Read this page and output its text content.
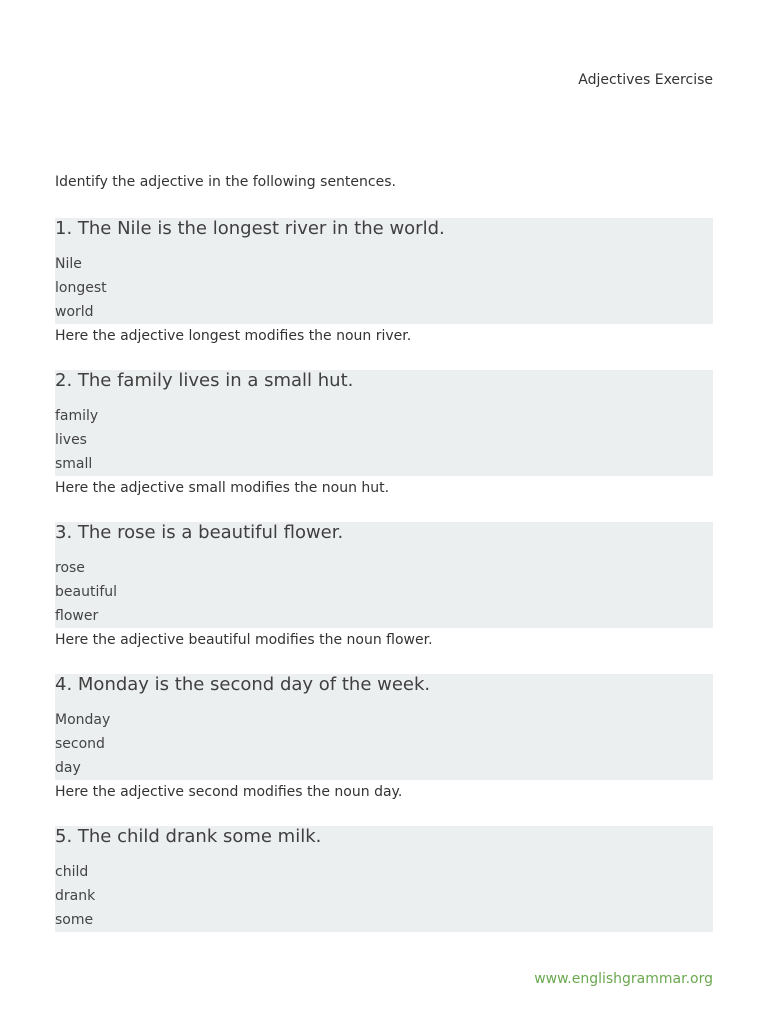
Adjectives Exercise
Identify the adjective in the following sentences.
1. The Nile is the longest river in the world.
Nile
longest
world
Here the adjective longest modifies the noun river.
2. The family lives in a small hut.
family
lives
small
Here the adjective small modifies the noun hut.
3. The rose is a beautiful flower.
rose
beautiful
flower
Here the adjective beautiful modifies the noun flower.
4. Monday is the second day of the week.
Monday
second
day
Here the adjective second modifies the noun day.
5. The child drank some milk.
child
drank
some
www.englishgrammar.org
